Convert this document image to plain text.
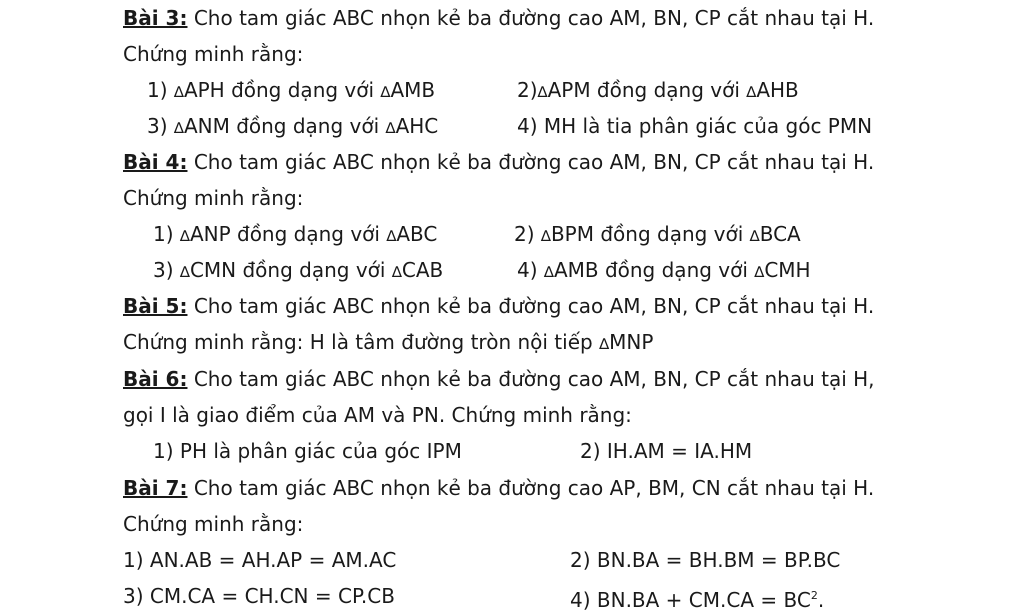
Bài 3: Cho tam giác ABC nhọn kẻ ba đường cao AM, BN, CP cắt nhau tại H.
Chứng minh rằng:
1) ∆APH đồng dạng với ∆AMB	2)∆APM đồng dạng với ∆AHB
3) ∆ANM đồng dạng với ∆AHC	4) MH là tia phân giác của góc PMN
Bài 4: Cho tam giác ABC nhọn kẻ ba đường cao AM, BN, CP cắt nhau tại H.
Chứng minh rằng:
1) ∆ANP đồng dạng với ∆ABC	2) ∆BPM đồng dạng với ∆BCA
3) ∆CMN đồng dạng với ∆CAB	4) ∆AMB đồng dạng với ∆CMH
Bài 5: Cho tam giác ABC nhọn kẻ ba đường cao AM, BN, CP cắt nhau tại H.
Chứng minh rằng: H là tâm đường tròn nội tiếp ∆MNP
Bài 6: Cho tam giác ABC nhọn kẻ ba đường cao AM, BN, CP cắt nhau tại H,
gọi I là giao điểm của AM và PN. Chứng minh rằng:
1) PH là phân giác của góc IPM	2) IH.AM = IA.HM
Bài 7: Cho tam giác ABC nhọn kẻ ba đường cao AP, BM, CN cắt nhau tại H.
Chứng minh rằng:
1) AN.AB = AH.AP = AM.AC	2) BN.BA = BH.BM = BP.BC
3) CM.CA = CH.CN = CP.CB	4) $BN.BA + CM.CA = BC^2$.
